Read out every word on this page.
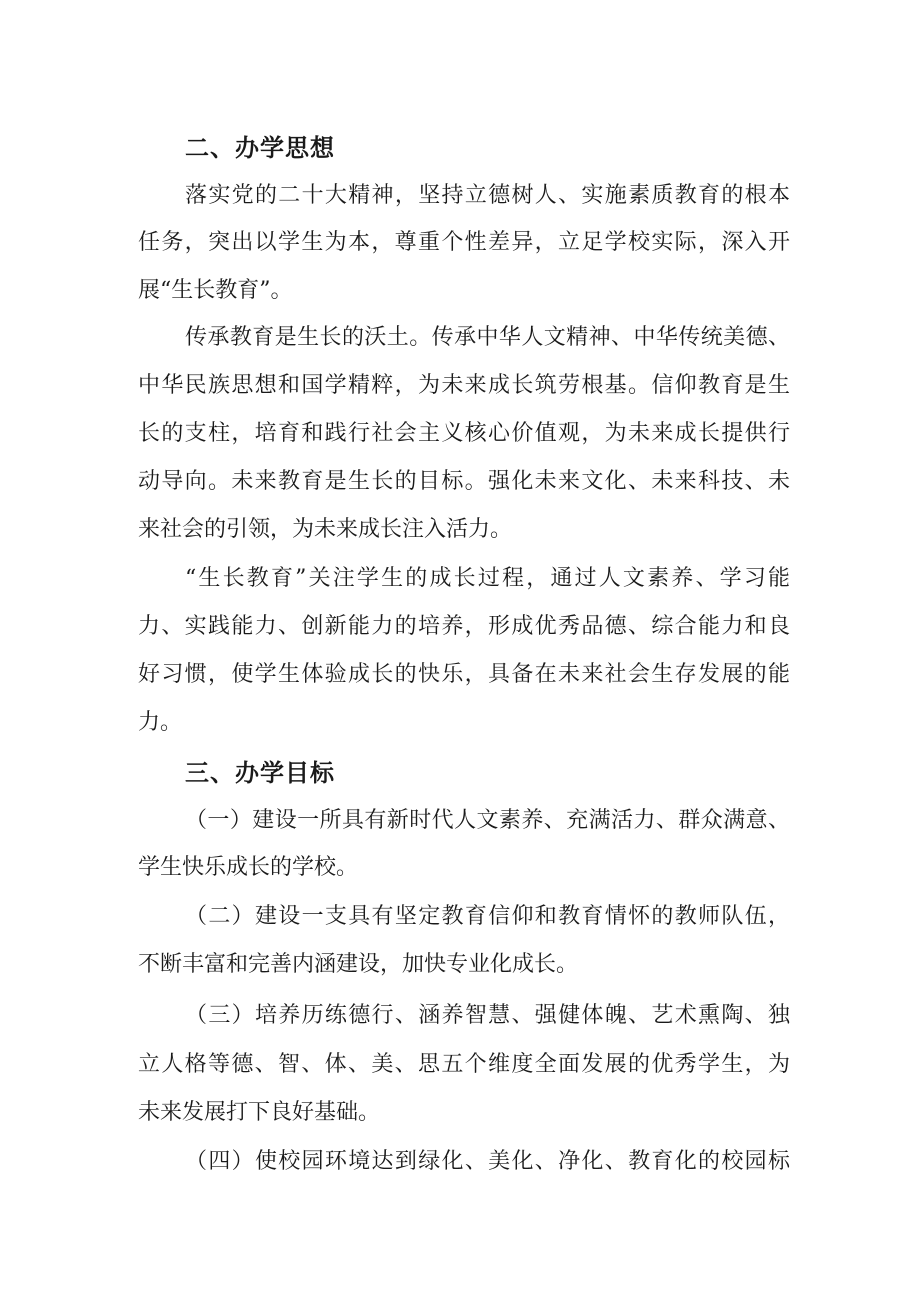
二、办学思想
落实党的二十大精神，坚持立德树人、实施素质教育的根本
任务，突出以学生为本，尊重个性差异，立足学校实际，深入开
展“生长教育”。
传承教育是生长的沃土。传承中华人文精神、中华传统美德、
中华民族思想和国学精粹，为未来成长筑劳根基。信仰教育是生
长的支柱，培育和践行社会主义核心价值观，为未来成长提供行
动导向。未来教育是生长的目标。强化未来文化、未来科技、未
来社会的引领，为未来成长注入活力。
“生长教育”关注学生的成长过程，通过人文素养、学习能
力、实践能力、创新能力的培养，形成优秀品德、综合能力和良
好习惯，使学生体验成长的快乐，具备在未来社会生存发展的能
力。
三、办学目标
（一）建设一所具有新时代人文素养、充满活力、群众满意、
学生快乐成长的学校。
（二）建设一支具有坚定教育信仰和教育情怀的教师队伍，
不断丰富和完善内涵建设，加快专业化成长。
（三）培养历练德行、涵养智慧、强健体魄、艺术熏陶、独
立人格等德、智、体、美、思五个维度全面发展的优秀学生，为
未来发展打下良好基础。
（四）使校园环境达到绿化、美化、净化、教育化的校园标
